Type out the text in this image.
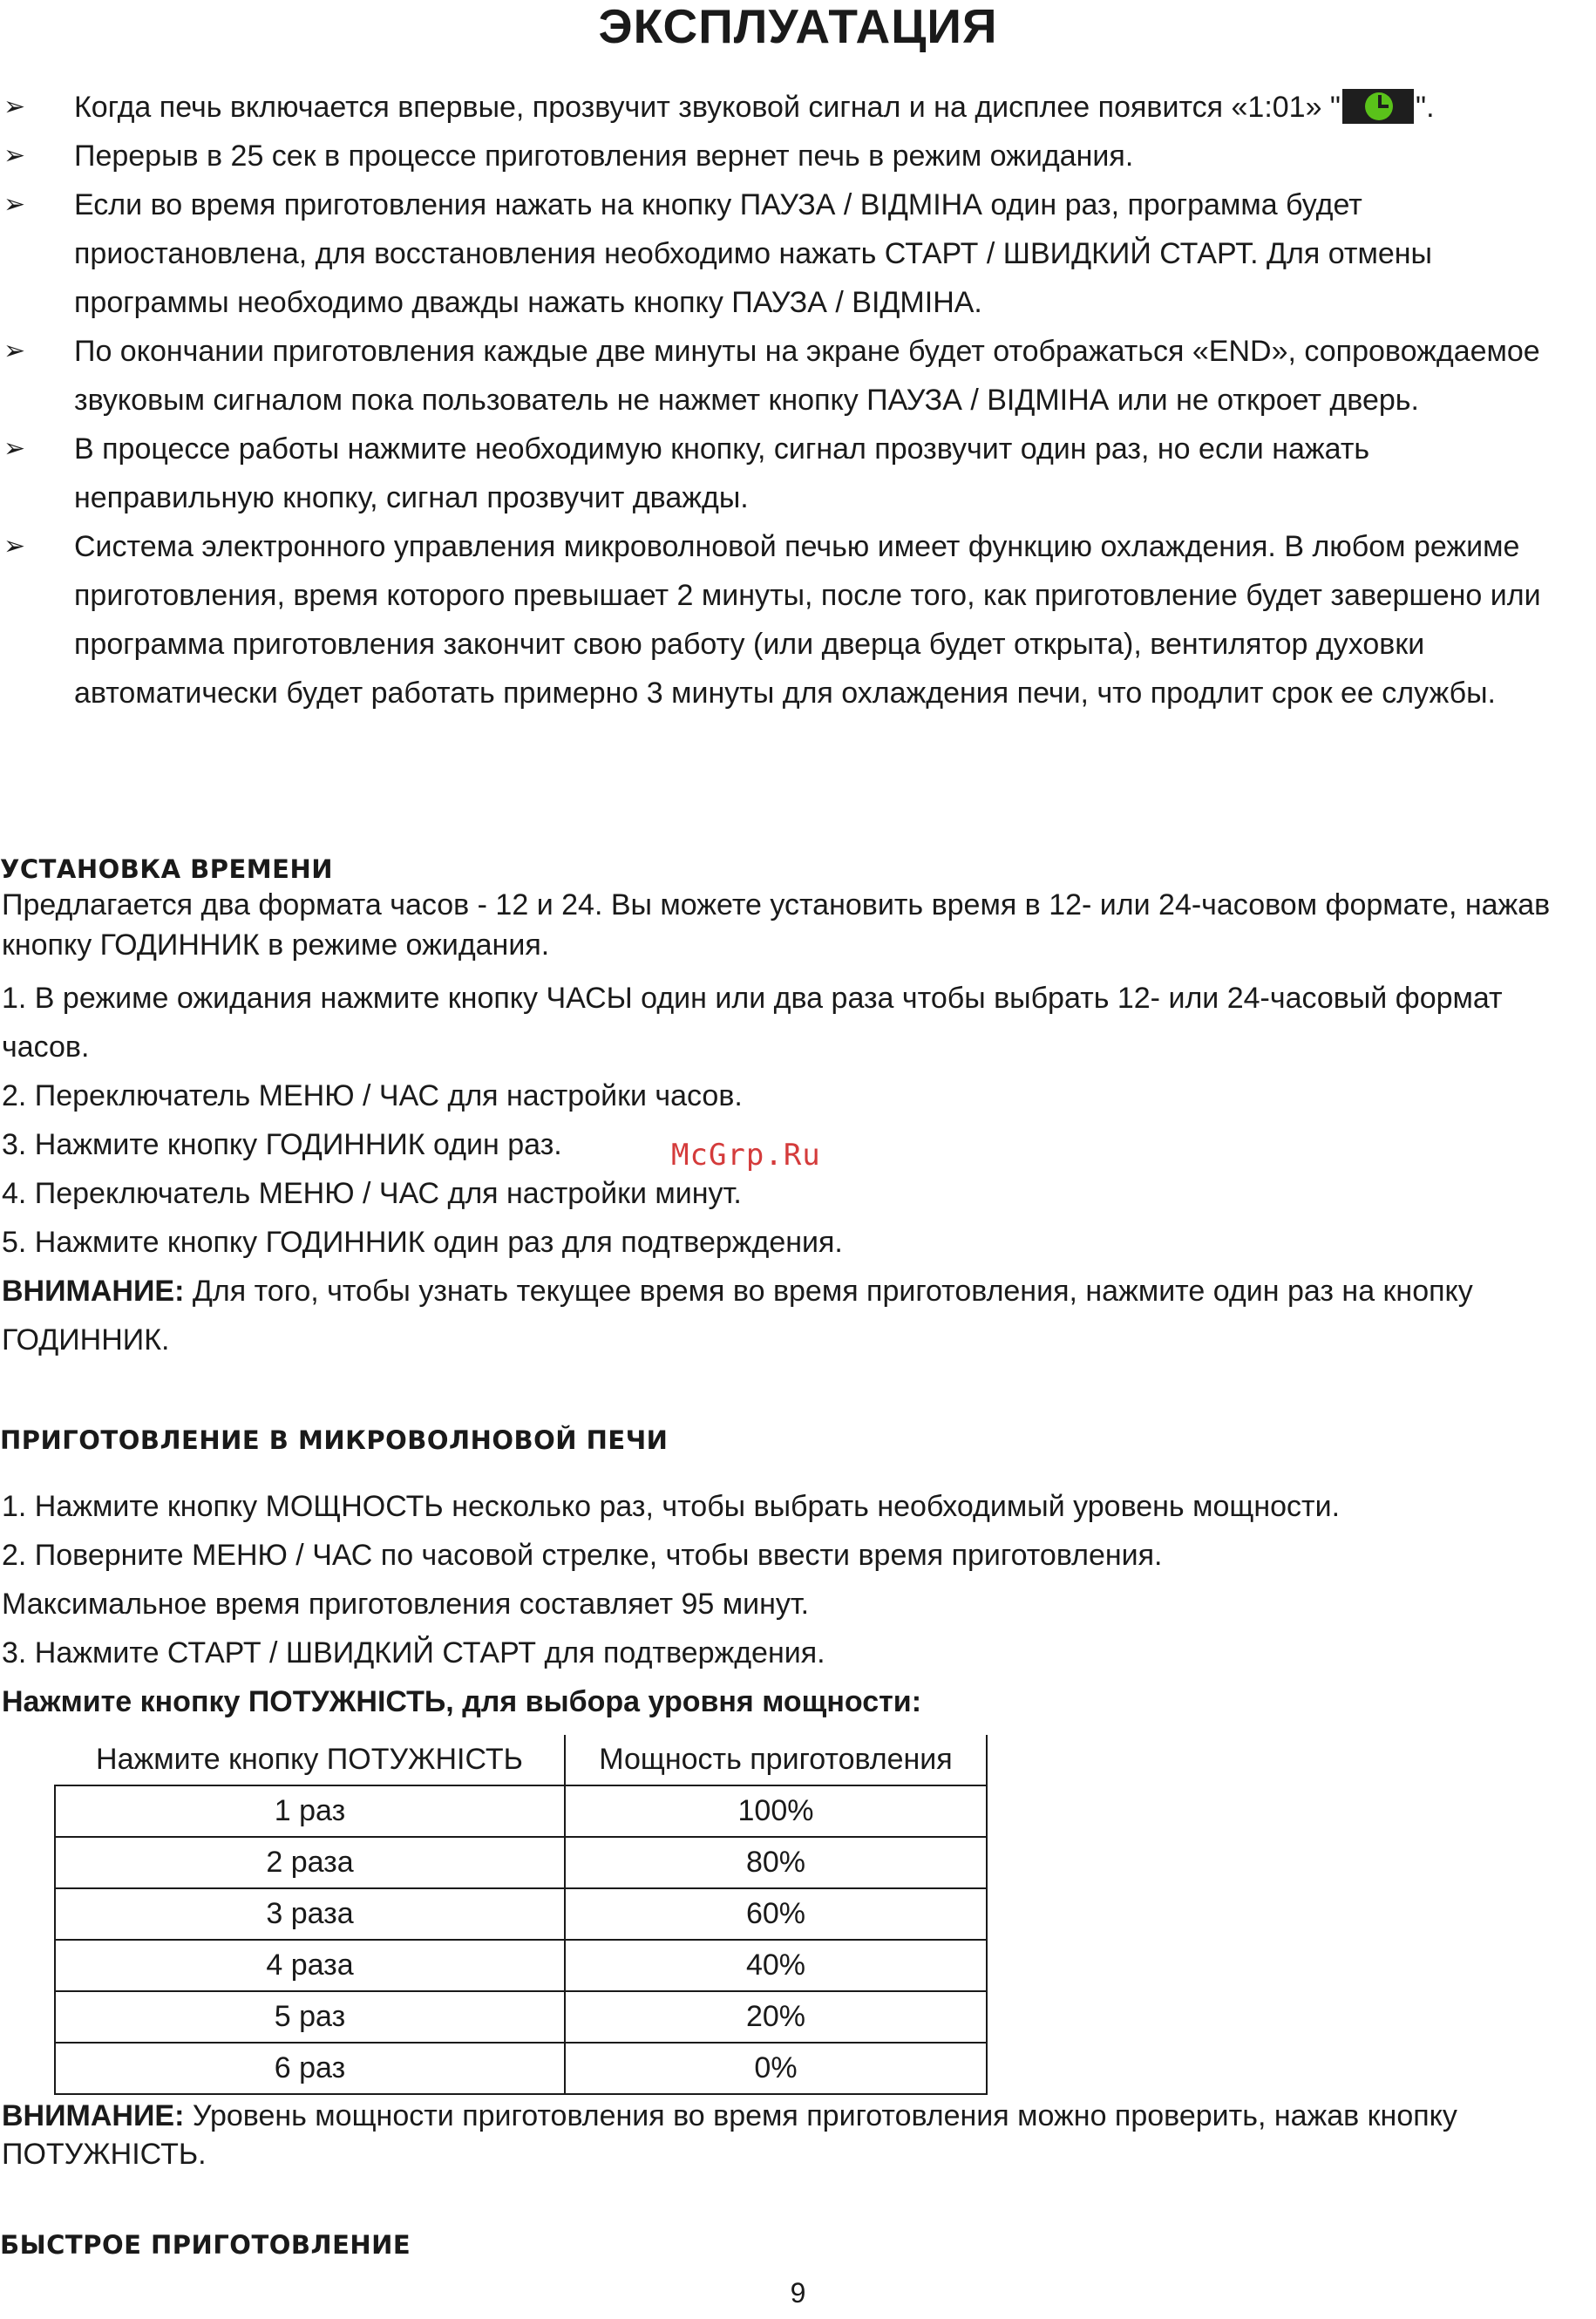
ЭКСПЛУАТАЦИЯ
➢ Когда печь включается впервые, прозвучит звуковой сигнал и на дисплее появится «1:01» "	".
➢ Перерыв в 25 сек в процессе приготовления вернет печь в режим ожидания.
➢ Если во время приготовления нажать на кнопку ПАУЗА / ВІДМІНА один раз, программа будет приостановлена, для восстановления необходимо нажать СТАРТ / ШВИДКИЙ СТАРТ. Для отмены программы необходимо дважды нажать кнопку ПАУЗА / ВІДМІНА.
➢ По окончании приготовления каждые две минуты на экране будет отображаться «END», сопровождаемое звуковым сигналом пока пользователь не нажмет кнопку ПАУЗА / ВІДМІНА или не откроет дверь.
➢ В процессе работы нажмите необходимую кнопку, сигнал прозвучит один раз, но если нажать неправильную кнопку, сигнал прозвучит дважды.
➢ Система электронного управления микроволновой печью имеет функцию охлаждения. В любом режиме приготовления, время которого превышает 2 минуты, после того, как приготовление будет завершено или программа приготовления закончит свою работу (или дверца будет открыта), вентилятор духовки автоматически будет работать примерно 3 минуты для охлаждения печи, что продлит срок ее службы.
УСТАНОВКА ВРЕМЕНИ

Предлагается два формата часов - 12 и 24. Вы можете установить время в 12- или 24-часовом формате, нажав кнопку ГОДИННИК в режиме ожидания.

1. В режиме ожидания нажмите кнопку ЧАСЫ один или два раза чтобы выбрать 12- или 24-часовый формат часов.
2. Переключатель МЕНЮ / ЧАС для настройки часов.
3. Нажмите кнопку ГОДИННИК один раз.
4. Переключатель МЕНЮ / ЧАС для настройки минут.
5. Нажмите кнопку ГОДИННИК один раз для подтверждения.
ВНИМАНИЕ: Для того, чтобы узнать текущее время во время приготовления, нажмите один раз на кнопку ГОДИННИК.
McGrp.Ru
ПРИГОТОВЛЕНИЕ В МИКРОВОЛНОВОЙ ПЕЧИ
1. Нажмите кнопку МОЩНОСТЬ несколько раз, чтобы выбрать необходимый уровень мощности.
2. Поверните МЕНЮ / ЧАС по часовой стрелке, чтобы ввести время приготовления.
Максимальное время приготовления составляет 95 минут.
3. Нажмите СТАРТ / ШВИДКИЙ СТАРТ для подтверждения.
Нажмите кнопку ПОТУЖНІСТЬ, для выбора уровня мощности:
Нажмите кнопку ПОТУЖНІСТЬ	Мощность приготовления
1 раз	100%
2 раза	80%
3 раза	60%
4 раза	40%
5 раз	20%
6 раз	0%

ВНИМАНИЕ: Уровень мощности приготовления во время приготовления можно проверить, нажав кнопку ПОТУЖНІСТЬ.

БЫСТРОЕ ПРИГОТОВЛЕНИЕ
9
